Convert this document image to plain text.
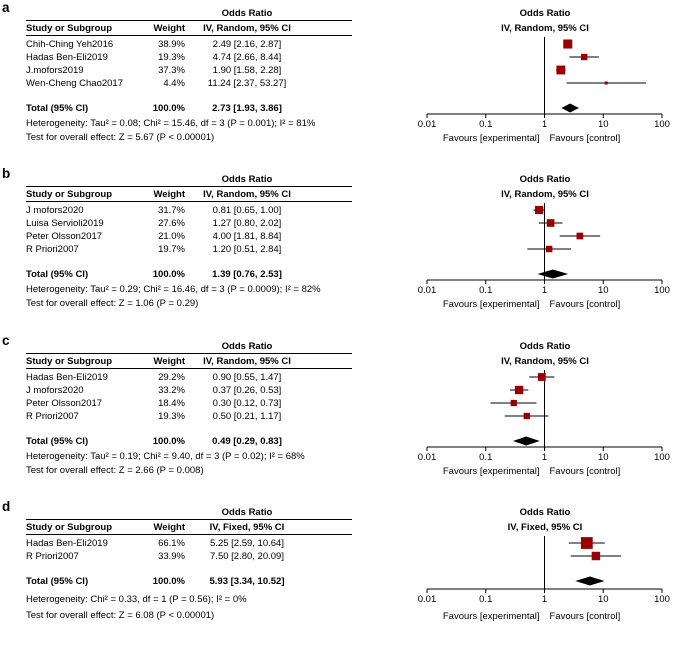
a	Odds Ratio
Study or Subgroup	Weight	IV, Random, 95% CI
Odds Ratio
IV, Random, 95% CI
Chih-Ching Yeh2016	38.9%	2.49 [2.16, 2.87]
Hadas Ben-Eli2019	19.3%	4.74 [2.66, 8.44]
J.mofors2019	37.3%	1.90 [1.58, 2.28]
Wen-Cheng Chao2017	4.4%	11.24 [2.37, 53.27]
Total (95% CI)	100.0%	2.73 [1.93, 3.86]
Heterogeneity: Tau² = 0.08; Chi² = 15.46, df = 3 (P = 0.001); I² = 81%
Test for overall effect: Z = 5.67 (P < 0.00001)
0.01	0.1	1	10	100
Favours [experimental] Favours [control]
b	Odds Ratio
Study or Subgroup	Weight	IV, Random, 95% CI
Odds Ratio
IV, Random, 95% CI
J mofors2020	31.7%	0.81 [0.65, 1.00]
Luisa Servioli2019	27.6%	1.27 [0.80, 2.02]
Peter Olsson2017	21.0%	4.00 [1.81, 8.84]
R Priori2007	19.7%	1.20 [0.51, 2.84]
Total (95% CI)	100.0%	1.39 [0.76, 2.53]
Heterogeneity: Tau² = 0.29; Chi² = 16.46, df = 3 (P = 0.0009); I² = 82%
Test for overall effect: Z = 1.06 (P = 0.29)
0.01	0.1	1	10	100
Favours [experimental] Favours [control]
c	Odds Ratio
Study or Subgroup	Weight	IV, Random, 95% CI
Odds Ratio
IV, Random, 95% CI
Hadas Ben-Eli2019	29.2%	0.90 [0.55, 1.47]
J mofors2020	33.2%	0.37 [0.26, 0.53]
Peter Olsson2017	18.4%	0.30 [0.12, 0.73]
R Priori2007	19.3%	0.50 [0.21, 1.17]
Total (95% CI)	100.0%	0.49 [0.29, 0.83]
Heterogeneity: Tau² = 0.19; Chi² = 9.40, df = 3 (P = 0.02); I² = 68%
Test for overall effect: Z = 2.66 (P = 0.008)
0.01	0.1	1	10	100
Favours [experimental] Favours [control]
d	Odds Ratio
Study or Subgroup	Weight	IV, Fixed, 95% CI
Odds Ratio
IV, Fixed, 95% CI
Hadas Ben-Eli2019	66.1%	5.25 [2.59, 10.64]
R Priori2007	33.9%	7.50 [2.80, 20.09]
Total (95% CI)	100.0%	5.93 [3.34, 10.52]
Heterogeneity: Chi² = 0.33, df = 1 (P = 0.56); I² = 0%
Test for overall effect: Z = 6.08 (P < 0.00001)
0.01	0.1	1	10	100
Favours [experimental] Favours [control]
